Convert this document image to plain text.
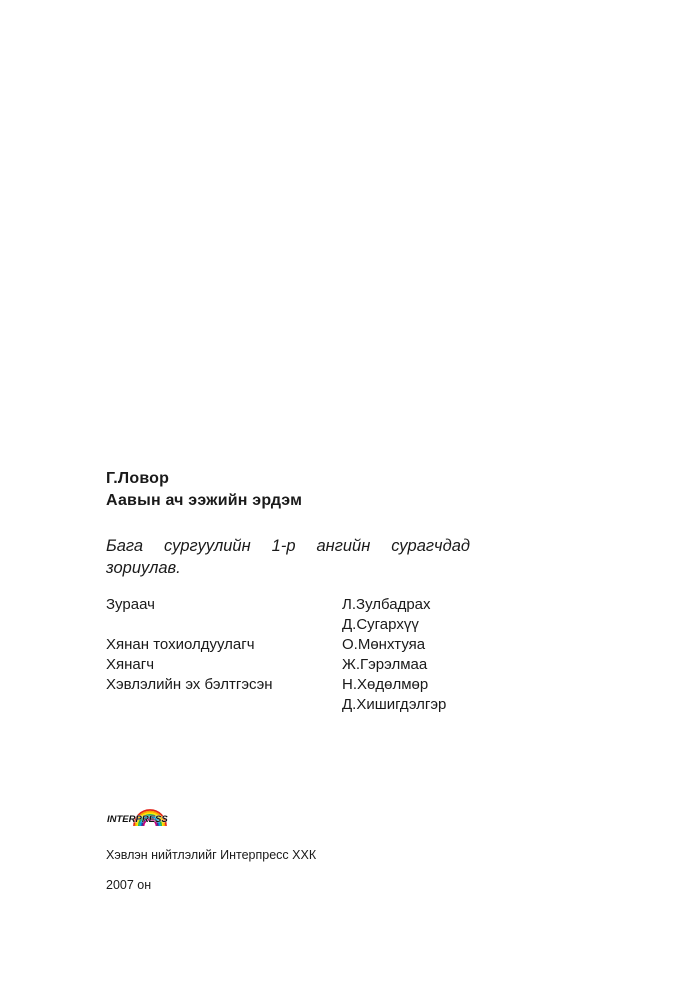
Г.Ловор
Аавын ач ээжийн эрдэм
Бага сургуулийн 1-р ангийн сурагчдад зориулав.
Зураач	Л.Зулбадрах
Д.Сугархүү
Хянан тохиолдуулагч	О.Мөнхтуяа
Хянагч	Ж.Гэрэлмаа
Хэвлэлийн эх бэлтгэсэн	Н.Хөдөлмөр
Д.Хишигдэлгэр
INTERPRESS
Хэвлэн нийтлэлийг Интерпресс ХХК
2007 он
